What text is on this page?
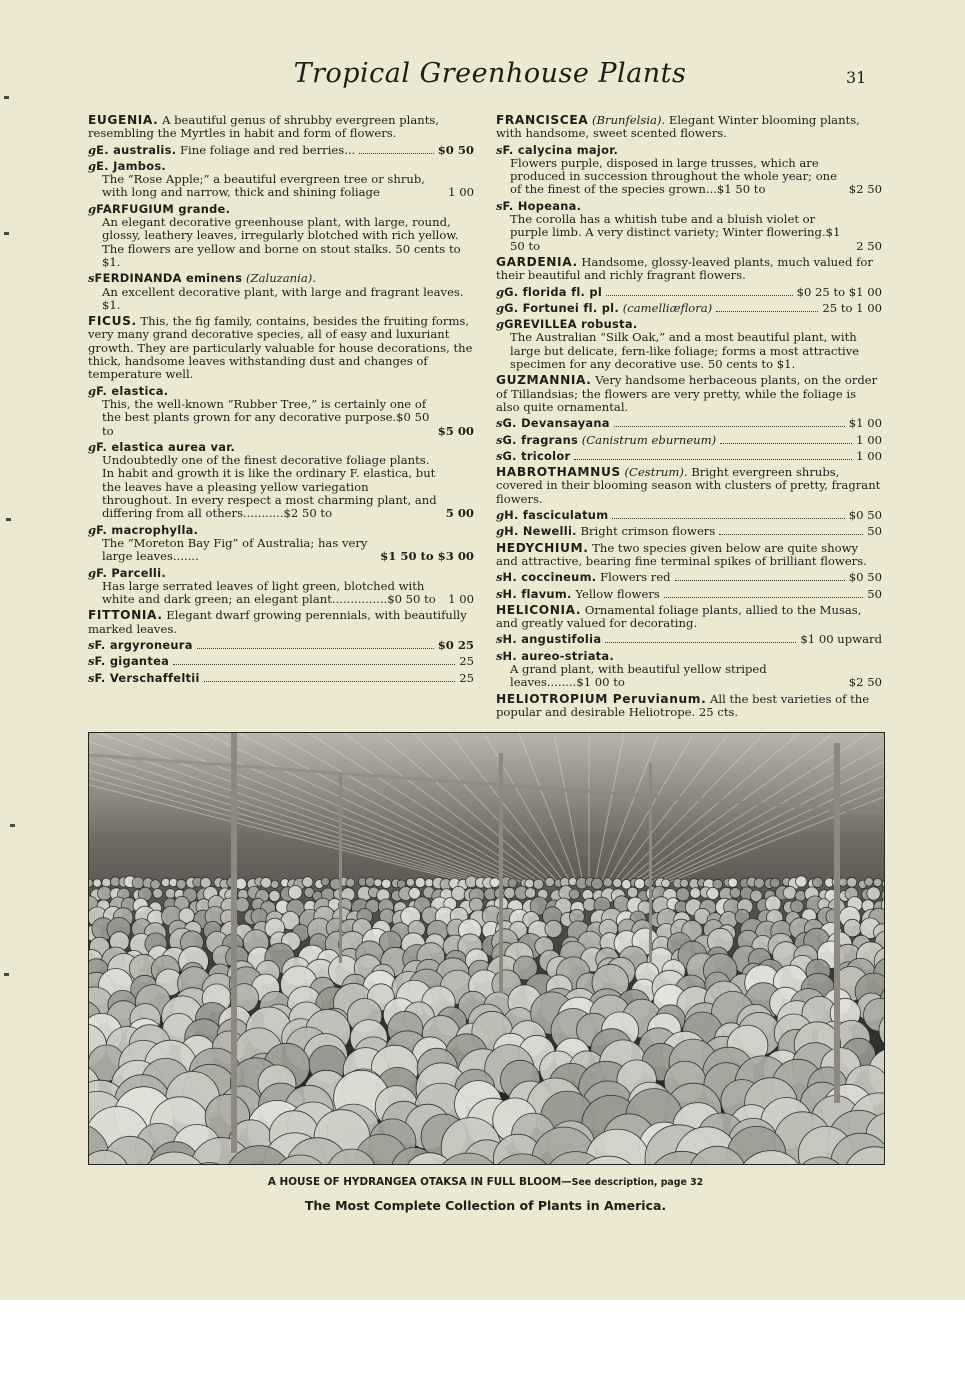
Tropical Greenhouse Plants	31
EUGENIA. A beautiful genus of shrubby evergreen plants, resembling the Myrtles in habit and form of flowers.
gE. australis. Fine foliage and red berries...	$0 50
gE. Jambos.
The “Rose Apple;” a beautiful evergreen tree or shrub, with long and narrow, thick and shining foliage	1 00
gFARFUGIUM grande.
An elegant decorative greenhouse plant, with large, round, glossy, leathery leaves, irregularly blotched with rich yellow. The flowers are yellow and borne on stout stalks. 50 cents to $1.
sFERDINANDA eminens (Zaluzania).
An excellent decorative plant, with large and fragrant leaves. $1.
FICUS. This, the fig family, contains, besides the fruiting forms, very many grand decorative species, all of easy and luxuriant growth. They are particularly valuable for house decorations, the thick, handsome leaves withstanding dust and changes of temperature well.
gF. elastica.
This, the well-known “Rubber Tree,” is certainly one of the best plants grown for any decorative purpose.$0 50 to	$5 00
gF. elastica aurea var.
Undoubtedly one of the finest decorative foliage plants. In habit and growth it is like the ordinary F. elastica, but the leaves have a pleasing yellow variegation throughout. In every respect a most charming plant, and differing from all others...........$2 50 to	5 00
gF. macrophylla.
The “Moreton Bay Fig” of Australia; has very large leaves.......	$1 50 to $3 00
gF. Parcelli.
Has large serrated leaves of light green, blotched with white and dark green; an elegant plant...............$0 50 to	1 00
FITTONIA. Elegant dwarf growing perennials, with beautifully marked leaves.
sF. argyroneura	$0 25
sF. gigantea	25
sF. Verschaffeltii	25
FRANCISCEA (Brunfelsia). Elegant Winter blooming plants, with handsome, sweet scented flowers.
sF. calycina major.
Flowers purple, disposed in large trusses, which are produced in succession throughout the whole year; one of the finest of the species grown...$1 50 to	$2 50
sF. Hopeana.
The corolla has a whitish tube and a bluish violet or purple limb. A very distinct variety; Winter flowering.$1 50 to	2 50
GARDENIA. Handsome, glossy-leaved plants, much valued for their beautiful and richly fragrant flowers.
gG. florida fl. pl	$0 25 to $1 00
gG. Fortunei fl. pl. (camelliæflora)	25 to 1 00
gGREVILLEA robusta.
The Australian “Silk Oak,” and a most beautiful plant, with large but delicate, fern-like foliage; forms a most attractive specimen for any decorative use. 50 cents to $1.
GUZMANNIA. Very handsome herbaceous plants, on the order of Tillandsias; the flowers are very pretty, while the foliage is also quite ornamental.
sG. Devansayana	$1 00
sG. fragrans (Canistrum eburneum)	1 00
sG. tricolor	1 00
HABROTHAMNUS (Cestrum). Bright evergreen shrubs, covered in their blooming season with clusters of pretty, fragrant flowers.
gH. fasciculatum	$0 50
gH. Newelli. Bright crimson flowers	50
HEDYCHIUM. The two species given below are quite showy and attractive, bearing fine terminal spikes of brilliant flowers.
sH. coccineum. Flowers red	$0 50
sH. flavum. Yellow flowers	50
HELICONIA. Ornamental foliage plants, allied to the Musas, and greatly valued for decorating.
sH. angustifolia	$1 00 upward
sH. aureo-striata.
A grand plant, with beautiful yellow striped leaves........$1 00 to	$2 50
HELIOTROPIUM Peruvianum. All the best varieties of the popular and desirable Heliotrope. 25 cts.
A HOUSE OF HYDRANGEA OTAKSA IN FULL BLOOM—See description, page 32
The Most Complete Collection of Plants in America.
